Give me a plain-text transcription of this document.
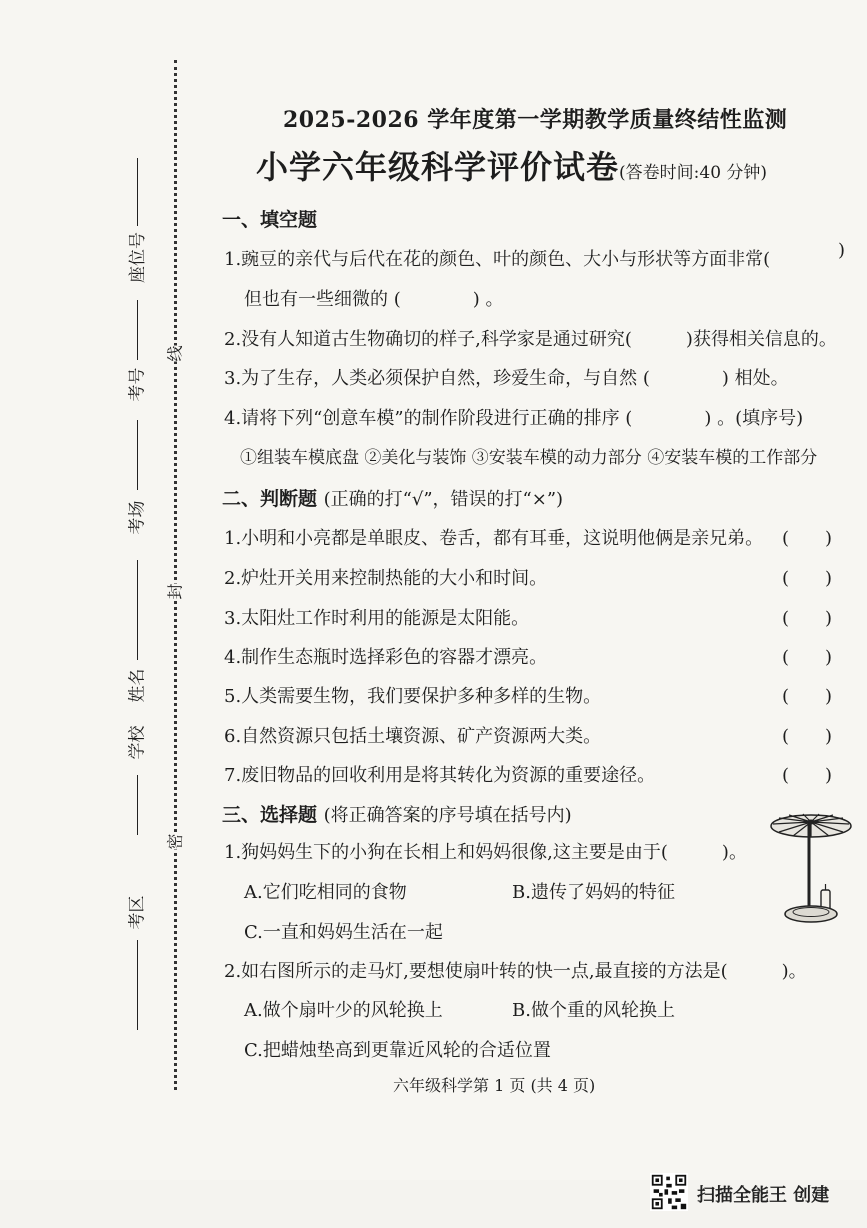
座位号
考号
考场
姓名
学校
考区
线
封
密
2025-2026 学年度第一学期教学质量终结性监测
小学六年级科学评价试卷(答卷时间:40 分钟)
一、填空题
1.豌豆的亲代与后代在花的颜色、叶的颜色、大小与形状等方面非常(	)
但也有一些细微的 (　　　　) 。
2.没有人知道古生物确切的样子,科学家是通过研究(　　　)获得相关信息的。
3.为了生存，人类必须保护自然，珍爱生命，与自然 (　　　　) 相处。
4.请将下列“创意车模”的制作阶段进行正确的排序 (　　　　) 。(填序号)
①组装车模底盘 ②美化与装饰 ③安装车模的动力部分 ④安装车模的工作部分
二、判断题 (正确的打“√”，错误的打“×”)
1.小明和小亮都是单眼皮、卷舌，都有耳垂，这说明他俩是亲兄弟。 (　　)
2.炉灶开关用来控制热能的大小和时间。	(　　)
3.太阳灶工作时利用的能源是太阳能。	(　　)
4.制作生态瓶时选择彩色的容器才漂亮。	(　　)
5.人类需要生物，我们要保护多种多样的生物。	(　　)
6.自然资源只包括土壤资源、矿产资源两大类。	(　　)
7.废旧物品的回收利用是将其转化为资源的重要途径。	(　　)
三、选择题 (将正确答案的序号填在括号内)
1.狗妈妈生下的小狗在长相上和妈妈很像,这主要是由于(　　　)。
A.它们吃相同的食物	B.遗传了妈妈的特征
C.一直和妈妈生活在一起
2.如右图所示的走马灯,要想使扇叶转的快一点,最直接的方法是(　　　)。
A.做个扇叶少的风轮换上	B.做个重的风轮换上
C.把蜡烛垫高到更靠近风轮的合适位置
六年级科学第 1 页 (共 4 页)
扫描全能王 创建
